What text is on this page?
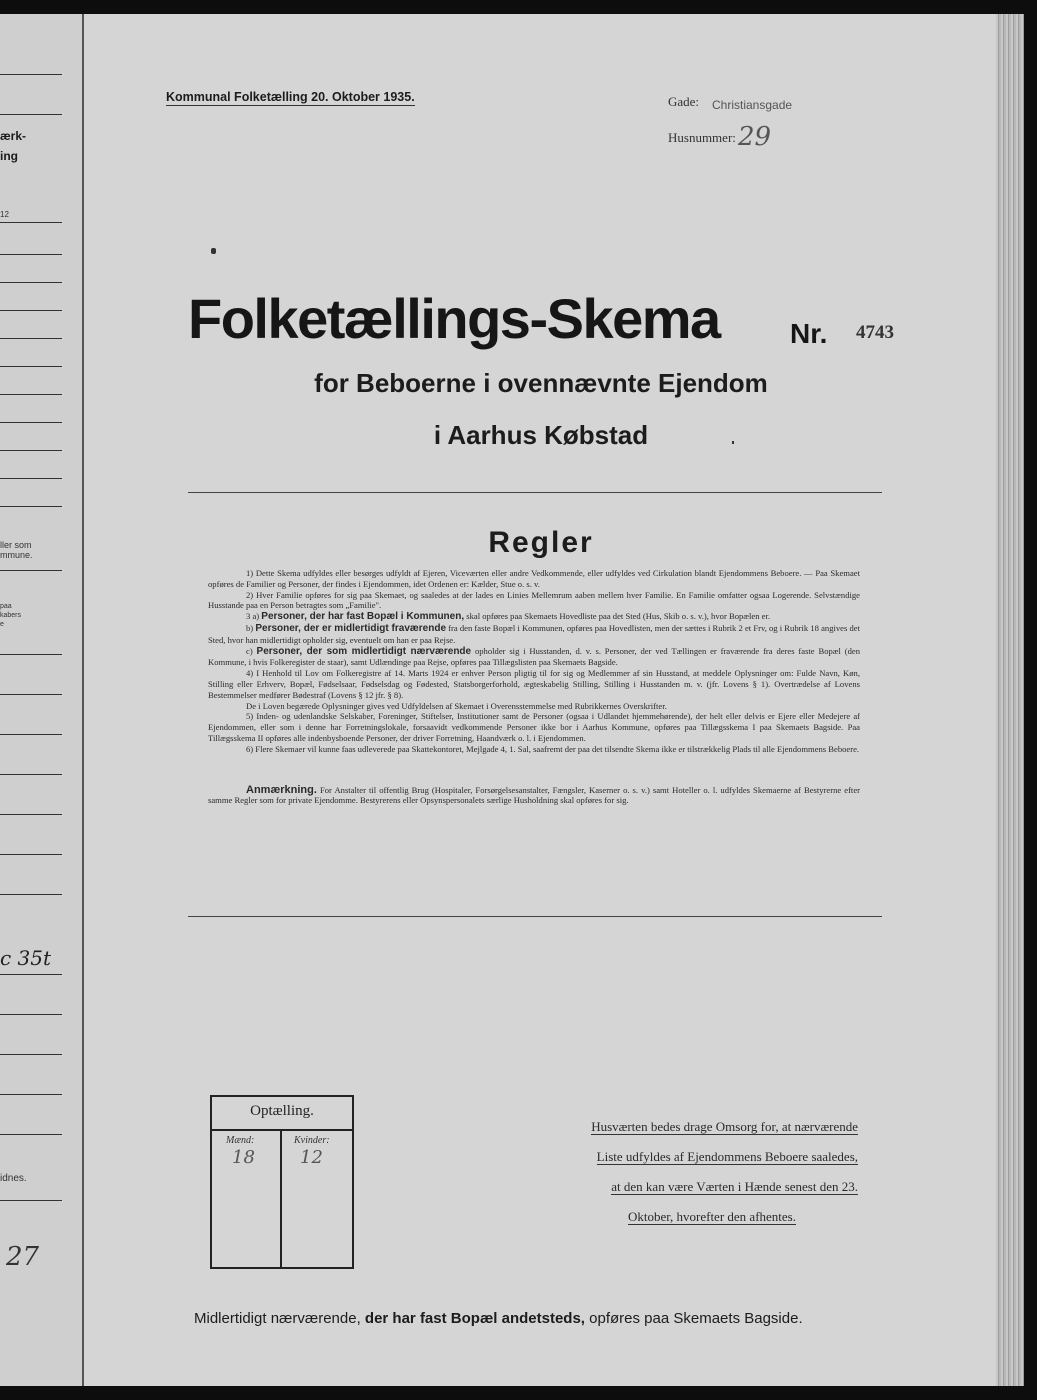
ærk-
ing
12
ller som
mmune.
paa
kabers
e
c 35t
idnes.
27
Kommunal Folketælling 20. Oktober 1935.	Gade: Christiansgade
Husnummer: 29
Folketællings-Skema	Nr. 4743
for Beboerne i ovennævnte Ejendom
i Aarhus Købstad
Regler

1) Dette Skema udfyldes eller besørges udfyldt af Ejeren, Viceværten eller andre Vedkommende, eller udfyldes ved Cirkulation blandt Ejendommens Beboere. — Paa Skemaet opføres de Familier og Personer, der findes i Ejendommen, idet Ordenen er: Kælder, Stue o. s. v.

2) Hver Familie opføres for sig paa Skemaet, og saaledes at der lades en Linies Mellemrum aaben mellem hver Familie. En Familie omfatter ogsaa Logerende. Selvstændige Husstande paa en Person betragtes som „Familie".

3 a) Personer, der har fast Bopæl i Kommunen, skal opføres paa Skemaets Hovedliste paa det Sted (Hus, Skib o. s. v.), hvor Bopælen er.

b) Personer, der er midlertidigt fraværende fra den faste Bopæl i Kommunen, opføres paa Hovedlisten, men der sættes i Rubrik 2 et Frv, og i Rubrik 18 angives det Sted, hvor han midlertidigt opholder sig, eventuelt om han er paa Rejse.

c) Personer, der som midlertidigt nærværende opholder sig i Husstanden, d. v. s. Personer, der ved Tællingen er fraværende fra deres faste Bopæl (den Kommune, i hvis Folkeregister de staar), samt Udlændinge paa Rejse, opføres paa Tillægslisten paa Skemaets Bagside.

4) I Henhold til Lov om Folkeregistre af 14. Marts 1924 er enhver Person pligtig til for sig og Medlemmer af sin Husstand, at meddele Oplysninger om: Fulde Navn, Køn, Stilling eller Erhverv, Bopæl, Fødselsaar, Fødselsdag og Fødested, Statsborgerforhold, ægteskabelig Stilling, Stilling i Husstanden m. v. (jfr. Lovens § 1). Overtrædelse af Lovens Bestemmelser medfører Bødestraf (Lovens § 12 jfr. § 8).

De i Loven begærede Oplysninger gives ved Udfyldelsen af Skemaet i Overensstemmelse med Rubrikkernes Overskrifter.

5) Inden- og udenlandske Selskaber, Foreninger, Stiftelser, Institutioner samt de Personer (ogsaa i Udlandet hjemmehørende), der helt eller delvis er Ejere eller Medejere af Ejendommen, eller som i denne har Forretningslokale, forsaavidt vedkommende Personer ikke bor i Aarhus Kommune, opføres paa Tillægsskema I paa Skemaets Bagside. Paa Tillægsskema II opføres alle indenbysboende Personer, der driver Forretning, Haandværk o. l. i Ejendommen.

6) Flere Skemaer vil kunne faas udleverede paa Skattekontoret, Mejlgade 4, 1. Sal, saafremt der paa det tilsendte Skema ikke er tilstrækkelig Plads til alle Ejendommens Beboere.

Anmærkning. For Anstalter til offentlig Brug (Hospitaler, Forsørgelsesanstalter, Fængsler, Kaserner o. s. v.) samt Hoteller o. l. udfyldes Skemaerne af Bestyrerne efter samme Regler som for private Ejendomme. Bestyrerens eller Opsynspersonalets særlige Husholdning skal opføres for sig.

Optælling.
Mænd:	Kvinder:
18	12
Husværten bedes drage Omsorg for, at nærværende
Liste udfyldes af Ejendommens Beboere saaledes,
at den kan være Værten i Hænde senest den 23.
Oktober, hvorefter den afhentes.
Midlertidigt nærværende, der har fast Bopæl andetsteds, opføres paa Skemaets Bagside.
